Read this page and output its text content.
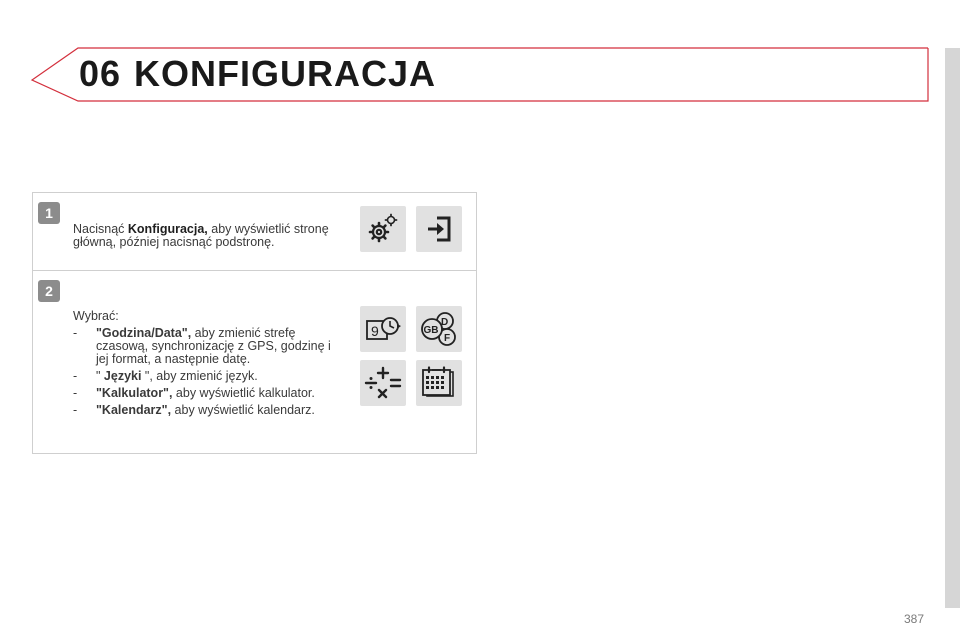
06 KONFIGURACJA
1
Nacisnąć Konfiguracja, aby wyświetlić stronę
główną, później nacisnąć podstronę.
2
Wybrać:
- "Godzina/Data", aby zmienić strefę
czasową, synchronizację z GPS, godzinę i
jej format, a następnie datę.
- " Języki ", aby zmienić język.
- "Kalkulator", aby wyświetlić kalkulator.
- "Kalendarz", aby wyświetlić kalendarz.
9	GB
D
F
387
